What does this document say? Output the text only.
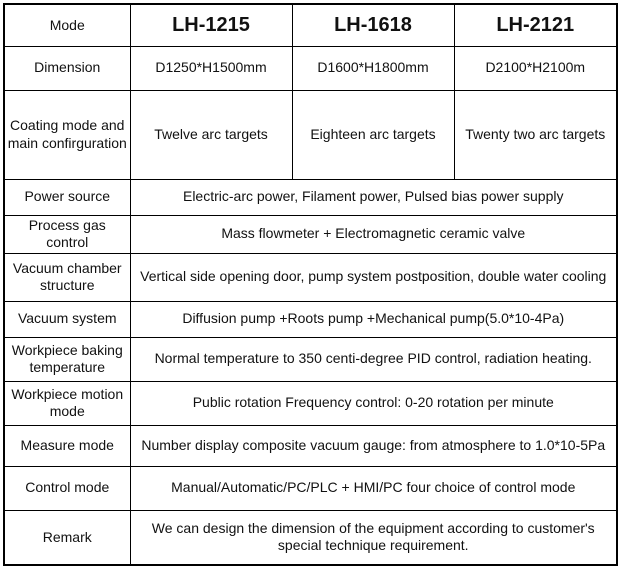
Mode	LH-1215	LH-1618	LH-2121
Dimension	D1250*H1500mm	D1600*H1800mm	D2100*H2100m
Coating mode and
main confirguration	Twelve arc targets	Eighteen arc targets	Twenty two arc targets
Power source	Electric-arc power, Filament power, Pulsed bias power supply		
Process gas control	Mass flowmeter + Electromagnetic ceramic valve		
Vacuum chamber structure	Vertical side opening door, pump system postposition, double water cooling		
Vacuum system	Diffusion pump +Roots pump +Mechanical pump(5.0*10-4Pa)		
Workpiece baking temperature	Normal temperature to 350 centi-degree PID control, radiation heating.		
Workpiece motion mode	Public rotation Frequency control: 0-20 rotation per minute		
Measure mode	Number display composite vacuum gauge: from atmosphere to 1.0*10-5Pa		
Control mode	Manual/Automatic/PC/PLC + HMI/PC four choice of control mode		
Remark	We can design the dimension of the equipment according to customer's special technique requirement.		
